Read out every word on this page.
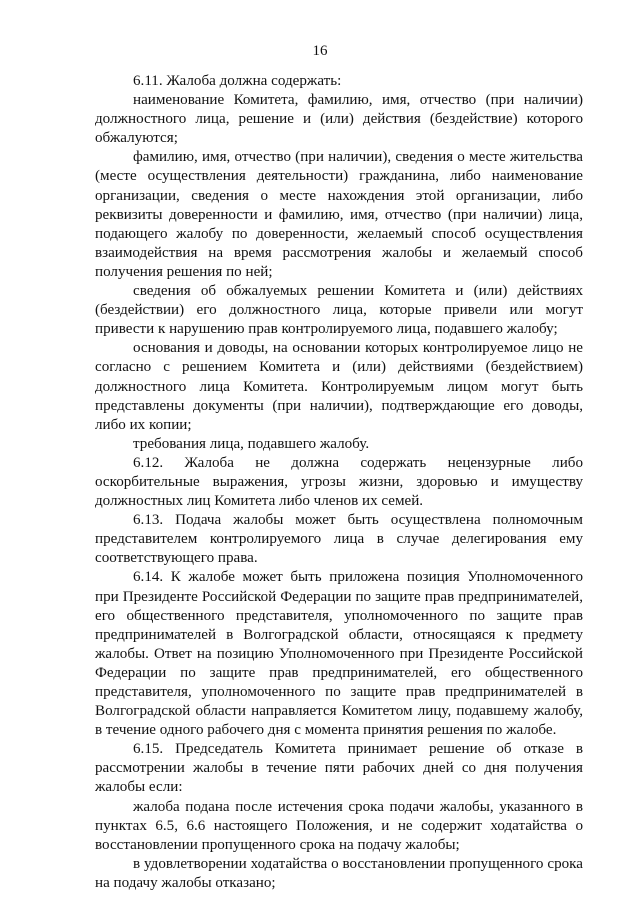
16

6.11. Жалоба должна содержать:

наименование Комитета, фамилию, имя, отчество (при наличии) должностного лица, решение и (или) действия (бездействие) которого обжалуются;

фамилию, имя, отчество (при наличии), сведения о месте жительства (месте осуществления деятельности) гражданина, либо наименование организации, сведения о месте нахождения этой организации, либо реквизиты доверенности и фамилию, имя, отчество (при наличии) лица, подающего жалобу по доверенности, желаемый способ осуществления взаимодействия на время рассмотрения жалобы и желаемый способ получения решения по ней;

сведения об обжалуемых решении Комитета и (или) действиях (бездействии) его должностного лица, которые привели или могут привести к нарушению прав контролируемого лица, подавшего жалобу;

основания и доводы, на основании которых контролируемое лицо не согласно с решением Комитета и (или) действиями (бездействием) должностного лица Комитета. Контролируемым лицом могут быть представлены документы (при наличии), подтверждающие его доводы, либо их копии;

требования лица, подавшего жалобу.

6.12. Жалоба не должна содержать нецензурные либо оскорбительные выражения, угрозы жизни, здоровью и имуществу должностных лиц Комитета либо членов их семей.

6.13. Подача жалобы может быть осуществлена полномочным представителем контролируемого лица в случае делегирования ему соответствующего права.

6.14. К жалобе может быть приложена позиция Уполномоченного при Президенте Российской Федерации по защите прав предпринимателей, его общественного представителя, уполномоченного по защите прав предпринимателей в Волгоградской области, относящаяся к предмету жалобы. Ответ на позицию Уполномоченного при Президенте Российской Федерации по защите прав предпринимателей, его общественного представителя, уполномоченного по защите прав предпринимателей в Волгоградской области направляется Комитетом лицу, подавшему жалобу, в течение одного рабочего дня с момента принятия решения по жалобе.

6.15. Председатель Комитета принимает решение об отказе в рассмотрении жалобы в течение пяти рабочих дней со дня получения жалобы если:

жалоба подана после истечения срока подачи жалобы, указанного в пунктах 6.5, 6.6 настоящего Положения, и не содержит ходатайства о восстановлении пропущенного срока на подачу жалобы;

в удовлетворении ходатайства о восстановлении пропущенного срока на подачу жалобы отказано;
